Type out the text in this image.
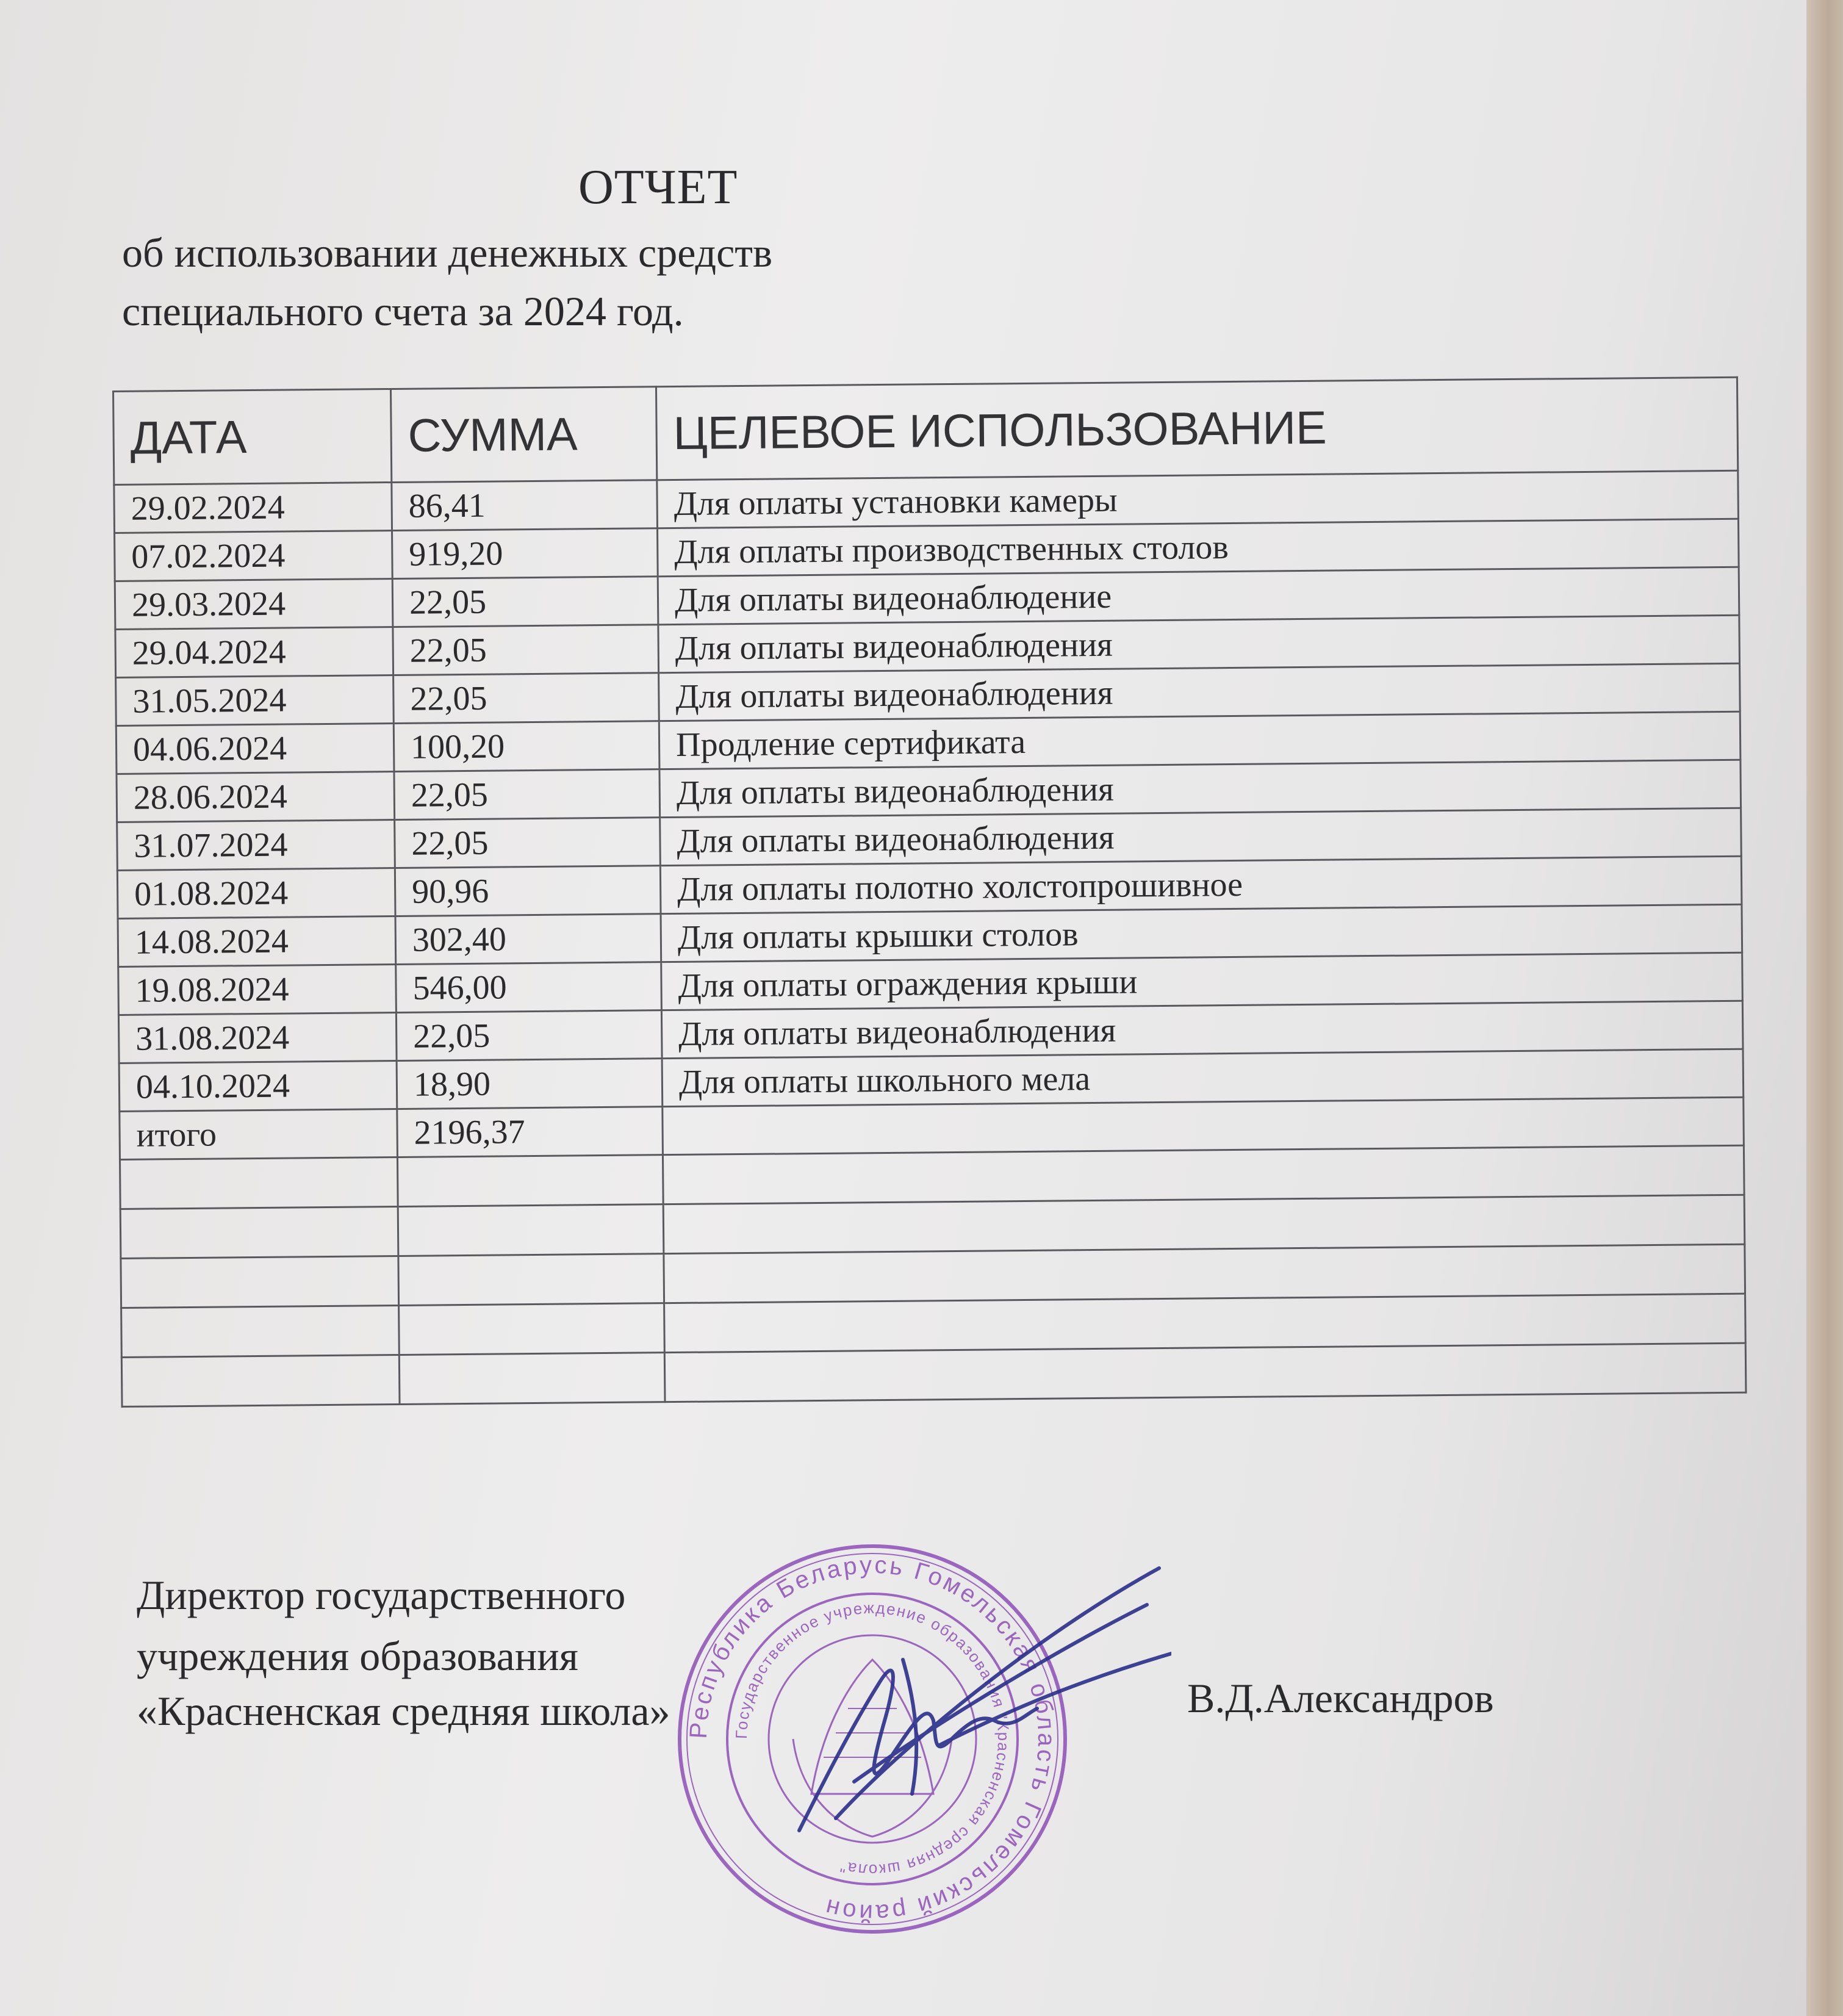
ОТЧЕТ
об использовании денежных средств
специального счета за 2024 год.
ДАТА	СУММА	ЦЕЛЕВОЕ ИСПОЛЬЗОВАНИЕ
29.02.2024	86,41	Для оплаты установки камеры
07.02.2024	919,20	Для оплаты производственных столов
29.03.2024	22,05	Для оплаты видеонаблюдение
29.04.2024	22,05	Для оплаты видеонаблюдения
31.05.2024	22,05	Для оплаты видеонаблюдения
04.06.2024	100,20	Продление сертификата
28.06.2024	22,05	Для оплаты видеонаблюдения
31.07.2024	22,05	Для оплаты видеонаблюдения
01.08.2024	90,96	Для оплаты полотно холстопрошивное
14.08.2024	302,40	Для оплаты крышки столов
19.08.2024	546,00	Для оплаты ограждения крыши
31.08.2024	22,05	Для оплаты видеонаблюдения
04.10.2024	18,90	Для оплаты школьного мела
итого	2196,37	

Директор государственного
учреждения образования
«Красненская средняя школа»	В.Д.Александров
Республика Беларусь Гомельская область Гомельский район
Государственное учреждение образования "Красненская средняя школа"
